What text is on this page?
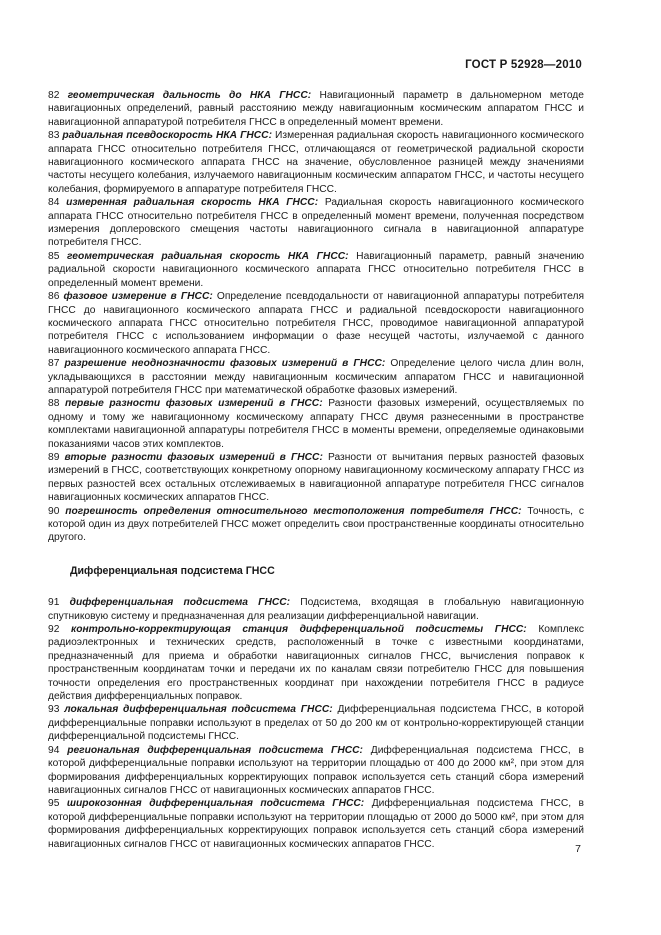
ГОСТ Р 52928—2010

82 геометрическая дальность до НКА ГНСС: Навигационный параметр в дальномерном методе навигационных определений, равный расстоянию между навигационным космическим аппаратом ГНСС и навигационной аппаратурой потребителя ГНСС в определенный момент времени.

83 радиальная псевдоскорость НКА ГНСС: Измеренная радиальная скорость навигационного космического аппарата ГНСС относительно потребителя ГНСС, отличающаяся от геометрической радиальной скорости навигационного космического аппарата ГНСС на значение, обусловленное разницей между значениями частоты несущего колебания, излучаемого навигационным космическим аппаратом ГНСС, и частоты несущего колебания, формируемого в аппаратуре потребителя ГНСС.

84 измеренная радиальная скорость НКА ГНСС: Радиальная скорость навигационного космического аппарата ГНСС относительно потребителя ГНСС в определенный момент времени, полученная посредством измерения доплеровского смещения частоты навигационного сигнала в навигационной аппаратуре потребителя ГНСС.

85 геометрическая радиальная скорость НКА ГНСС: Навигационный параметр, равный значению радиальной скорости навигационного космического аппарата ГНСС относительно потребителя ГНСС в определенный момент времени.

86 фазовое измерение в ГНСС: Определение псевдодальности от навигационной аппаратуры потребителя ГНСС до навигационного космического аппарата ГНСС и радиальной псевдоскорости навигационного космического аппарата ГНСС относительно потребителя ГНСС, проводимое навигационной аппаратурой потребителя ГНСС с использованием информации о фазе несущей частоты, излучаемой с данного навигационного космического аппарата ГНСС.

87 разрешение неоднозначности фазовых измерений в ГНСС: Определение целого числа длин волн, укладывающихся в расстоянии между навигационным космическим аппаратом ГНСС и навигационной аппаратурой потребителя ГНСС при математической обработке фазовых измерений.

88 первые разности фазовых измерений в ГНСС: Разности фазовых измерений, осуществляемых по одному и тому же навигационному космическому аппарату ГНСС двумя разнесенными в пространстве комплектами навигационной аппаратуры потребителя ГНСС в моменты времени, определяемые одинаковыми показаниями часов этих комплектов.

89 вторые разности фазовых измерений в ГНСС: Разности от вычитания первых разностей фазовых измерений в ГНСС, соответствующих конкретному опорному навигационному космическому аппарату ГНСС из первых разностей всех остальных отслеживаемых в навигационной аппаратуре потребителя ГНСС сигналов навигационных космических аппаратов ГНСС.

90 погрешность определения относительного местоположения потребителя ГНСС: Точность, с которой один из двух потребителей ГНСС может определить свои пространственные координаты относительно другого.

Дифференциальная подсистема ГНСС

91 дифференциальная подсистема ГНСС: Подсистема, входящая в глобальную навигационную спутниковую систему и предназначенная для реализации дифференциальной навигации.

92 контрольно-корректирующая станция дифференциальной подсистемы ГНСС: Комплекс радиоэлектронных и технических средств, расположенный в точке с известными координатами, предназначенный для приема и обработки навигационных сигналов ГНСС, вычисления поправок к пространственным координатам точки и передачи их по каналам связи потребителю ГНСС для повышения точности определения его пространственных координат при нахождении потребителя ГНСС в радиусе действия дифференциальных поправок.

93 локальная дифференциальная подсистема ГНСС: Дифференциальная подсистема ГНСС, в которой дифференциальные поправки используют в пределах от 50 до 200 км от контрольно-корректирующей станции дифференциальной подсистемы ГНСС.

94 региональная дифференциальная подсистема ГНСС: Дифференциальная подсистема ГНСС, в которой дифференциальные поправки используют на территории площадью от 400 до 2000 км², при этом для формирования дифференциальных корректирующих поправок используется сеть станций сбора измерений навигационных сигналов ГНСС от навигационных космических аппаратов ГНСС.

95 широкозонная дифференциальная подсистема ГНСС: Дифференциальная подсистема ГНСС, в которой дифференциальные поправки используют на территории площадью от 2000 до 5000 км², при этом для формирования дифференциальных корректирующих поправок используется сеть станций сбора измерений навигационных сигналов ГНСС от навигационных космических аппаратов ГНСС.	7
